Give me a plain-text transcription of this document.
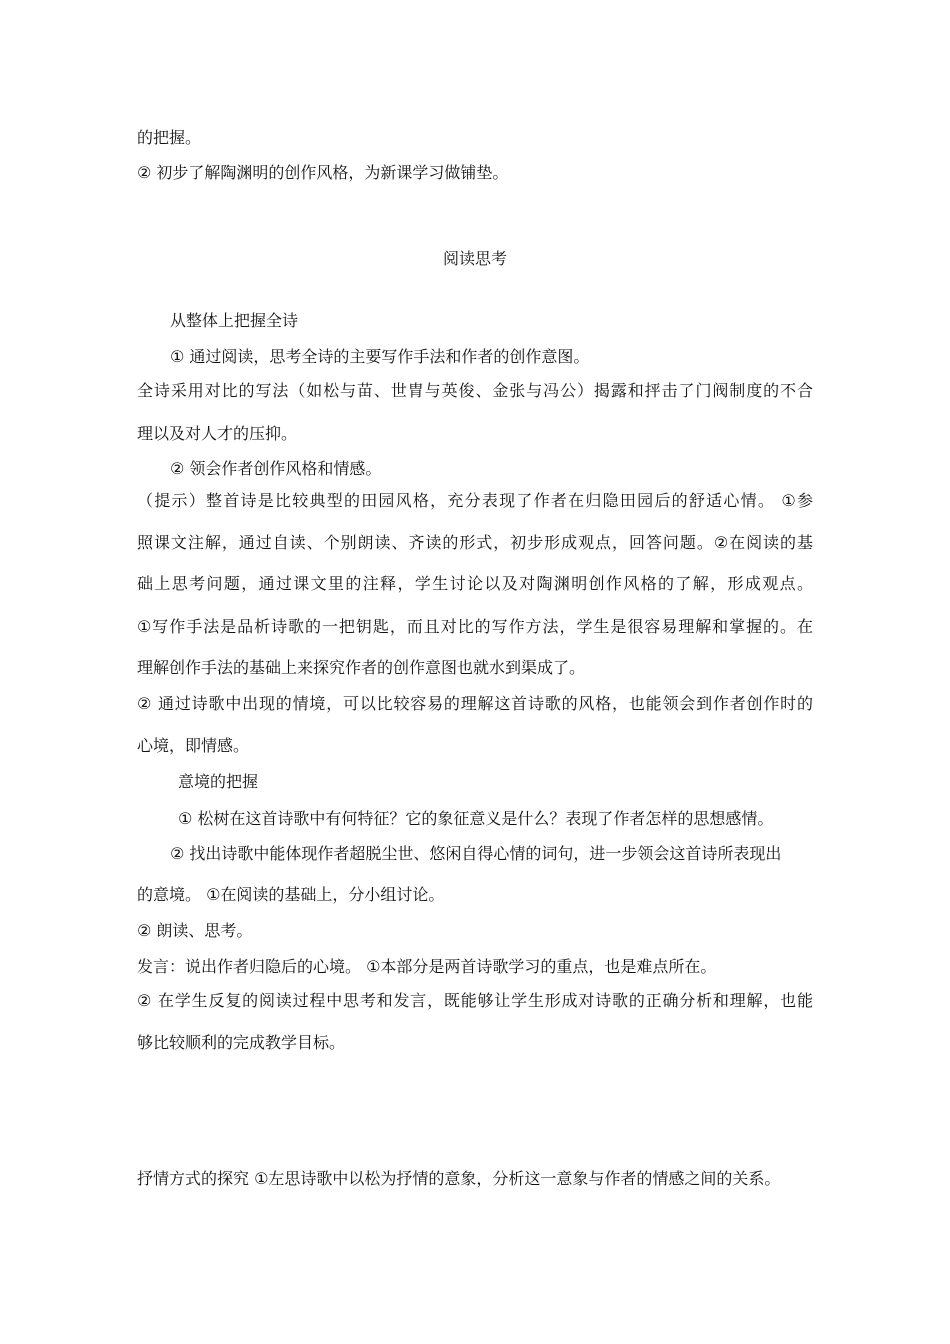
的把握。
② 初步了解陶渊明的创作风格，为新课学习做铺垫。
阅读思考
从整体上把握全诗
① 通过阅读，思考全诗的主要写作手法和作者的创作意图。
全诗采用对比的写法（如松与苗、世胄与英俊、金张与冯公）揭露和抨击了门阀制度的不合
理以及对人才的压抑。
② 领会作者创作风格和情感。
（提示）整首诗是比较典型的田园风格，充分表现了作者在归隐田园后的舒适心情。 ①参
照课文注解，通过自读、个别朗读、齐读的形式，初步形成观点，回答问题。②在阅读的基
础上思考问题，通过课文里的注释，学生讨论以及对陶渊明创作风格的了解，形成观点。
①写作手法是品析诗歌的一把钥匙，而且对比的写作方法，学生是很容易理解和掌握的。在
理解创作手法的基础上来探究作者的创作意图也就水到渠成了。
② 通过诗歌中出现的情境，可以比较容易的理解这首诗歌的风格，也能领会到作者创作时的
心境，即情感。
意境的把握
① 松树在这首诗歌中有何特征？它的象征意义是什么？表现了作者怎样的思想感情。
② 找出诗歌中能体现作者超脱尘世、悠闲自得心情的词句，进一步领会这首诗所表现出
的意境。 ①在阅读的基础上，分小组讨论。
② 朗读、思考。
发言：说出作者归隐后的心境。 ①本部分是两首诗歌学习的重点，也是难点所在。
② 在学生反复的阅读过程中思考和发言，既能够让学生形成对诗歌的正确分析和理解，也能
够比较顺利的完成教学目标。
抒情方式的探究 ①左思诗歌中以松为抒情的意象，分析这一意象与作者的情感之间的关系。
